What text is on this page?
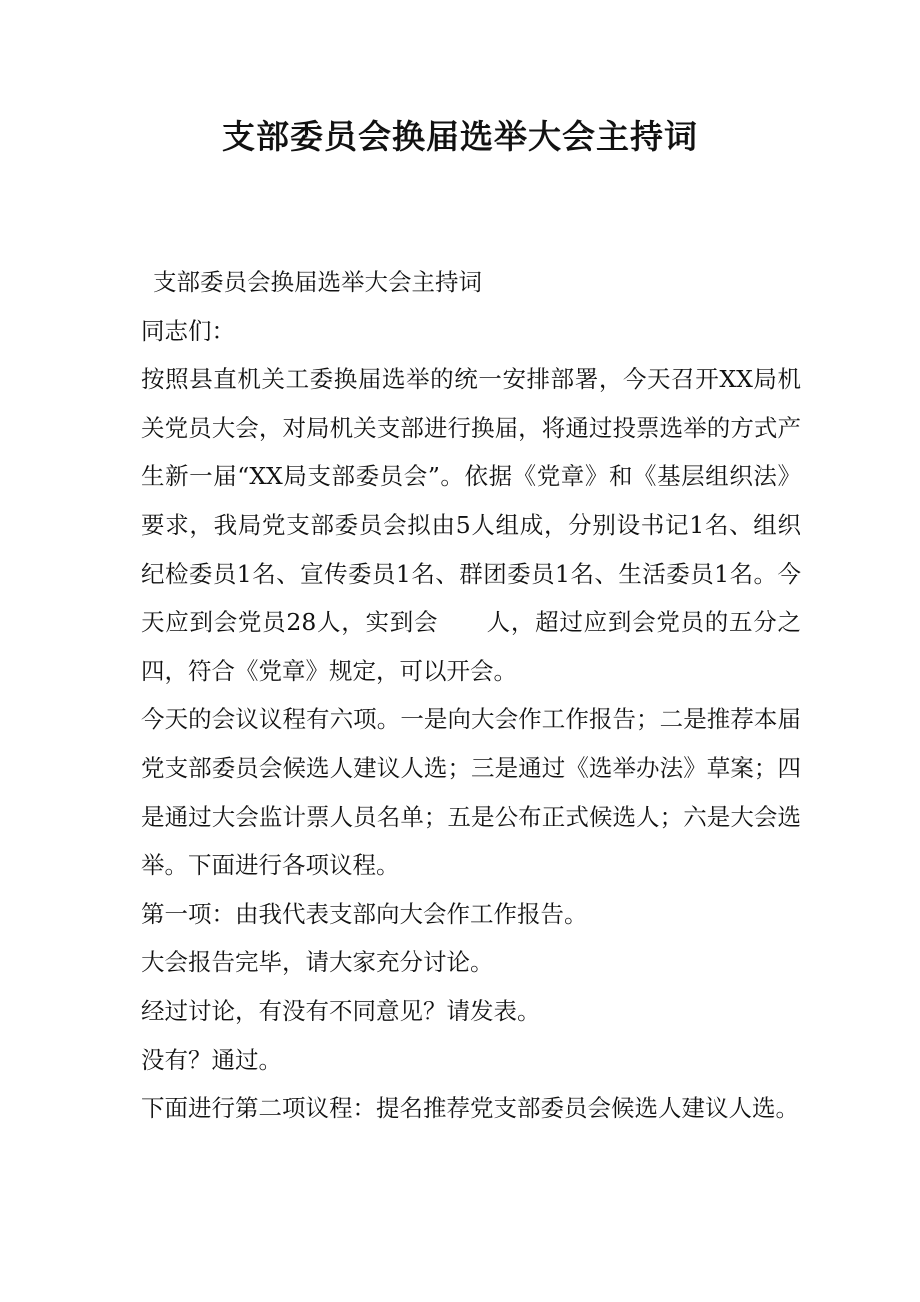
支部委员会换届选举大会主持词

支部委员会换届选举大会主持词

同志们：

按照县直机关工委换届选举的统一安排部署，今天召开XX局机关党员大会，对局机关支部进行换届，将通过投票选举的方式产生新一届“XX局支部委员会”。依据《党章》和《基层组织法》要求，我局党支部委员会拟由5人组成，分别设书记1名、组织纪检委员1名、宣传委员1名、群团委员1名、生活委员1名。今天应到会党员28人，实到会　　人，超过应到会党员的五分之四，符合《党章》规定，可以开会。

今天的会议议程有六项。一是向大会作工作报告；二是推荐本届党支部委员会候选人建议人选；三是通过《选举办法》草案；四是通过大会监计票人员名单；五是公布正式候选人；六是大会选举。下面进行各项议程。

第一项：由我代表支部向大会作工作报告。

大会报告完毕，请大家充分讨论。

经过讨论，有没有不同意见？请发表。

没有？通过。

下面进行第二项议程：提名推荐党支部委员会候选人建议人选。
